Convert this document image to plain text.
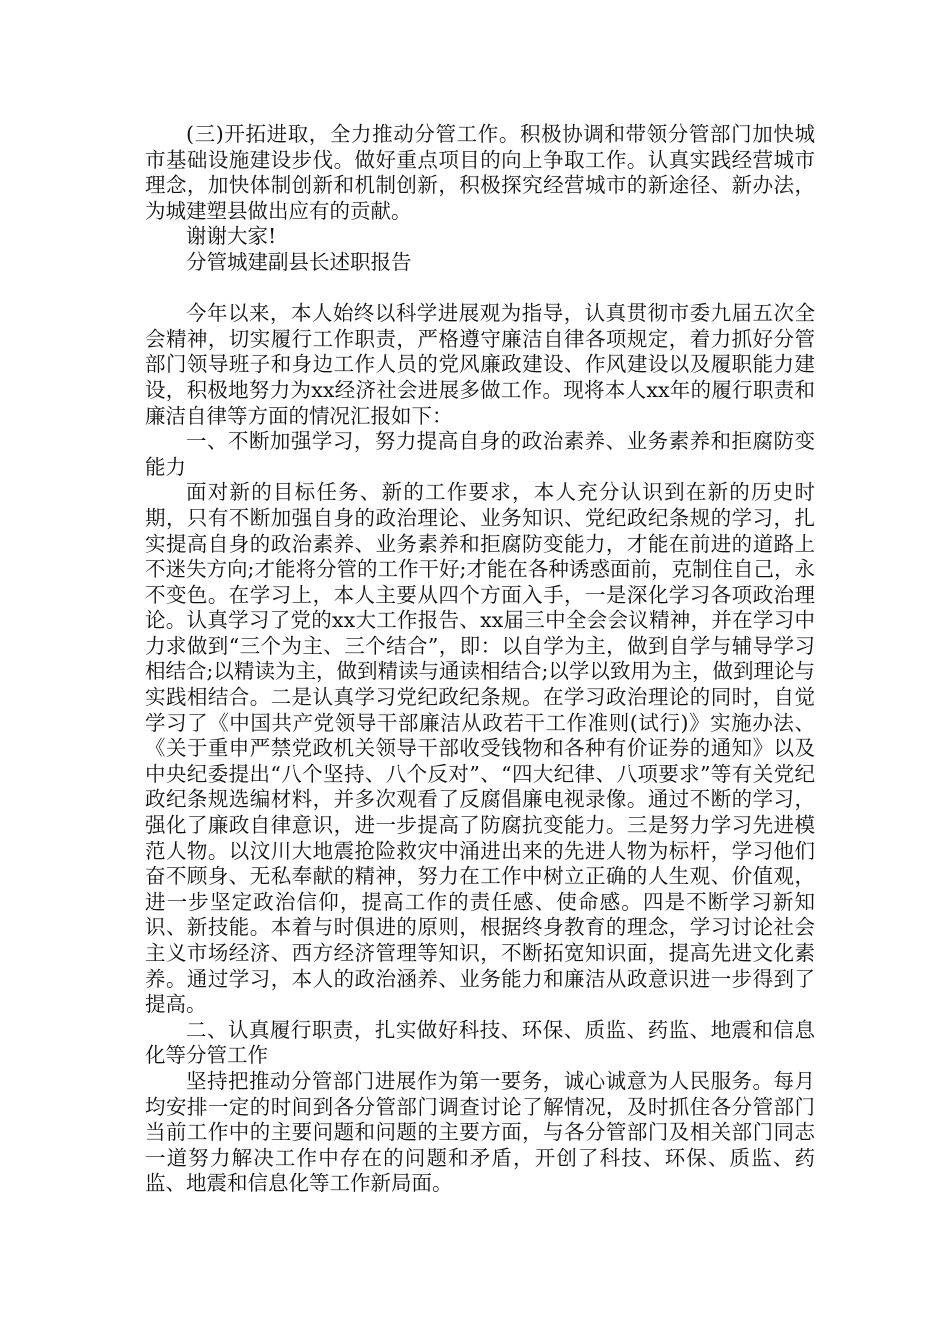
(三)开拓进取，全力推动分管工作。积极协调和带领分管部门加快城市基础设施建设步伐。做好重点项目的向上争取工作。认真实践经营城市理念，加快体制创新和机制创新，积极探究经营城市的新途径、新办法，为城建塑县做出应有的贡献。

谢谢大家!

分管城建副县长述职报告

今年以来，本人始终以科学进展观为指导，认真贯彻市委九届五次全会精神，切实履行工作职责，严格遵守廉洁自律各项规定，着力抓好分管部门领导班子和身边工作人员的党风廉政建设、作风建设以及履职能力建设，积极地努力为xx经济社会进展多做工作。现将本人xx年的履行职责和廉洁自律等方面的情况汇报如下：

一、不断加强学习，努力提高自身的政治素养、业务素养和拒腐防变能力

面对新的目标任务、新的工作要求，本人充分认识到在新的历史时期，只有不断加强自身的政治理论、业务知识、党纪政纪条规的学习，扎实提高自身的政治素养、业务素养和拒腐防变能力，才能在前进的道路上不迷失方向;才能将分管的工作干好;才能在各种诱惑面前，克制住自己，永不变色。在学习上，本人主要从四个方面入手，一是深化学习各项政治理论。认真学习了党的xx大工作报告、xx届三中全会会议精神，并在学习中力求做到“三个为主、三个结合”，即：以自学为主，做到自学与辅导学习相结合;以精读为主，做到精读与通读相结合;以学以致用为主，做到理论与实践相结合。二是认真学习党纪政纪条规。在学习政治理论的同时，自觉学习了《中国共产党领导干部廉洁从政若干工作准则(试行)》实施办法、《关于重申严禁党政机关领导干部收受钱物和各种有价证券的通知》以及中央纪委提出“八个坚持、八个反对”、“四大纪律、八项要求”等有关党纪政纪条规选编材料，并多次观看了反腐倡廉电视录像。通过不断的学习，强化了廉政自律意识，进一步提高了防腐抗变能力。三是努力学习先进模范人物。以汶川大地震抢险救灾中涌进出来的先进人物为标杆，学习他们奋不顾身、无私奉献的精神，努力在工作中树立正确的人生观、价值观，进一步坚定政治信仰，提高工作的责任感、使命感。四是不断学习新知识、新技能。本着与时俱进的原则，根据终身教育的理念，学习讨论社会主义市场经济、西方经济管理等知识，不断拓宽知识面，提高先进文化素养。通过学习，本人的政治涵养、业务能力和廉洁从政意识进一步得到了提高。

二、认真履行职责，扎实做好科技、环保、质监、药监、地震和信息化等分管工作

坚持把推动分管部门进展作为第一要务，诚心诚意为人民服务。每月均安排一定的时间到各分管部门调查讨论了解情况，及时抓住各分管部门当前工作中的主要问题和问题的主要方面，与各分管部门及相关部门同志一道努力解决工作中存在的问题和矛盾，开创了科技、环保、质监、药监、地震和信息化等工作新局面。
